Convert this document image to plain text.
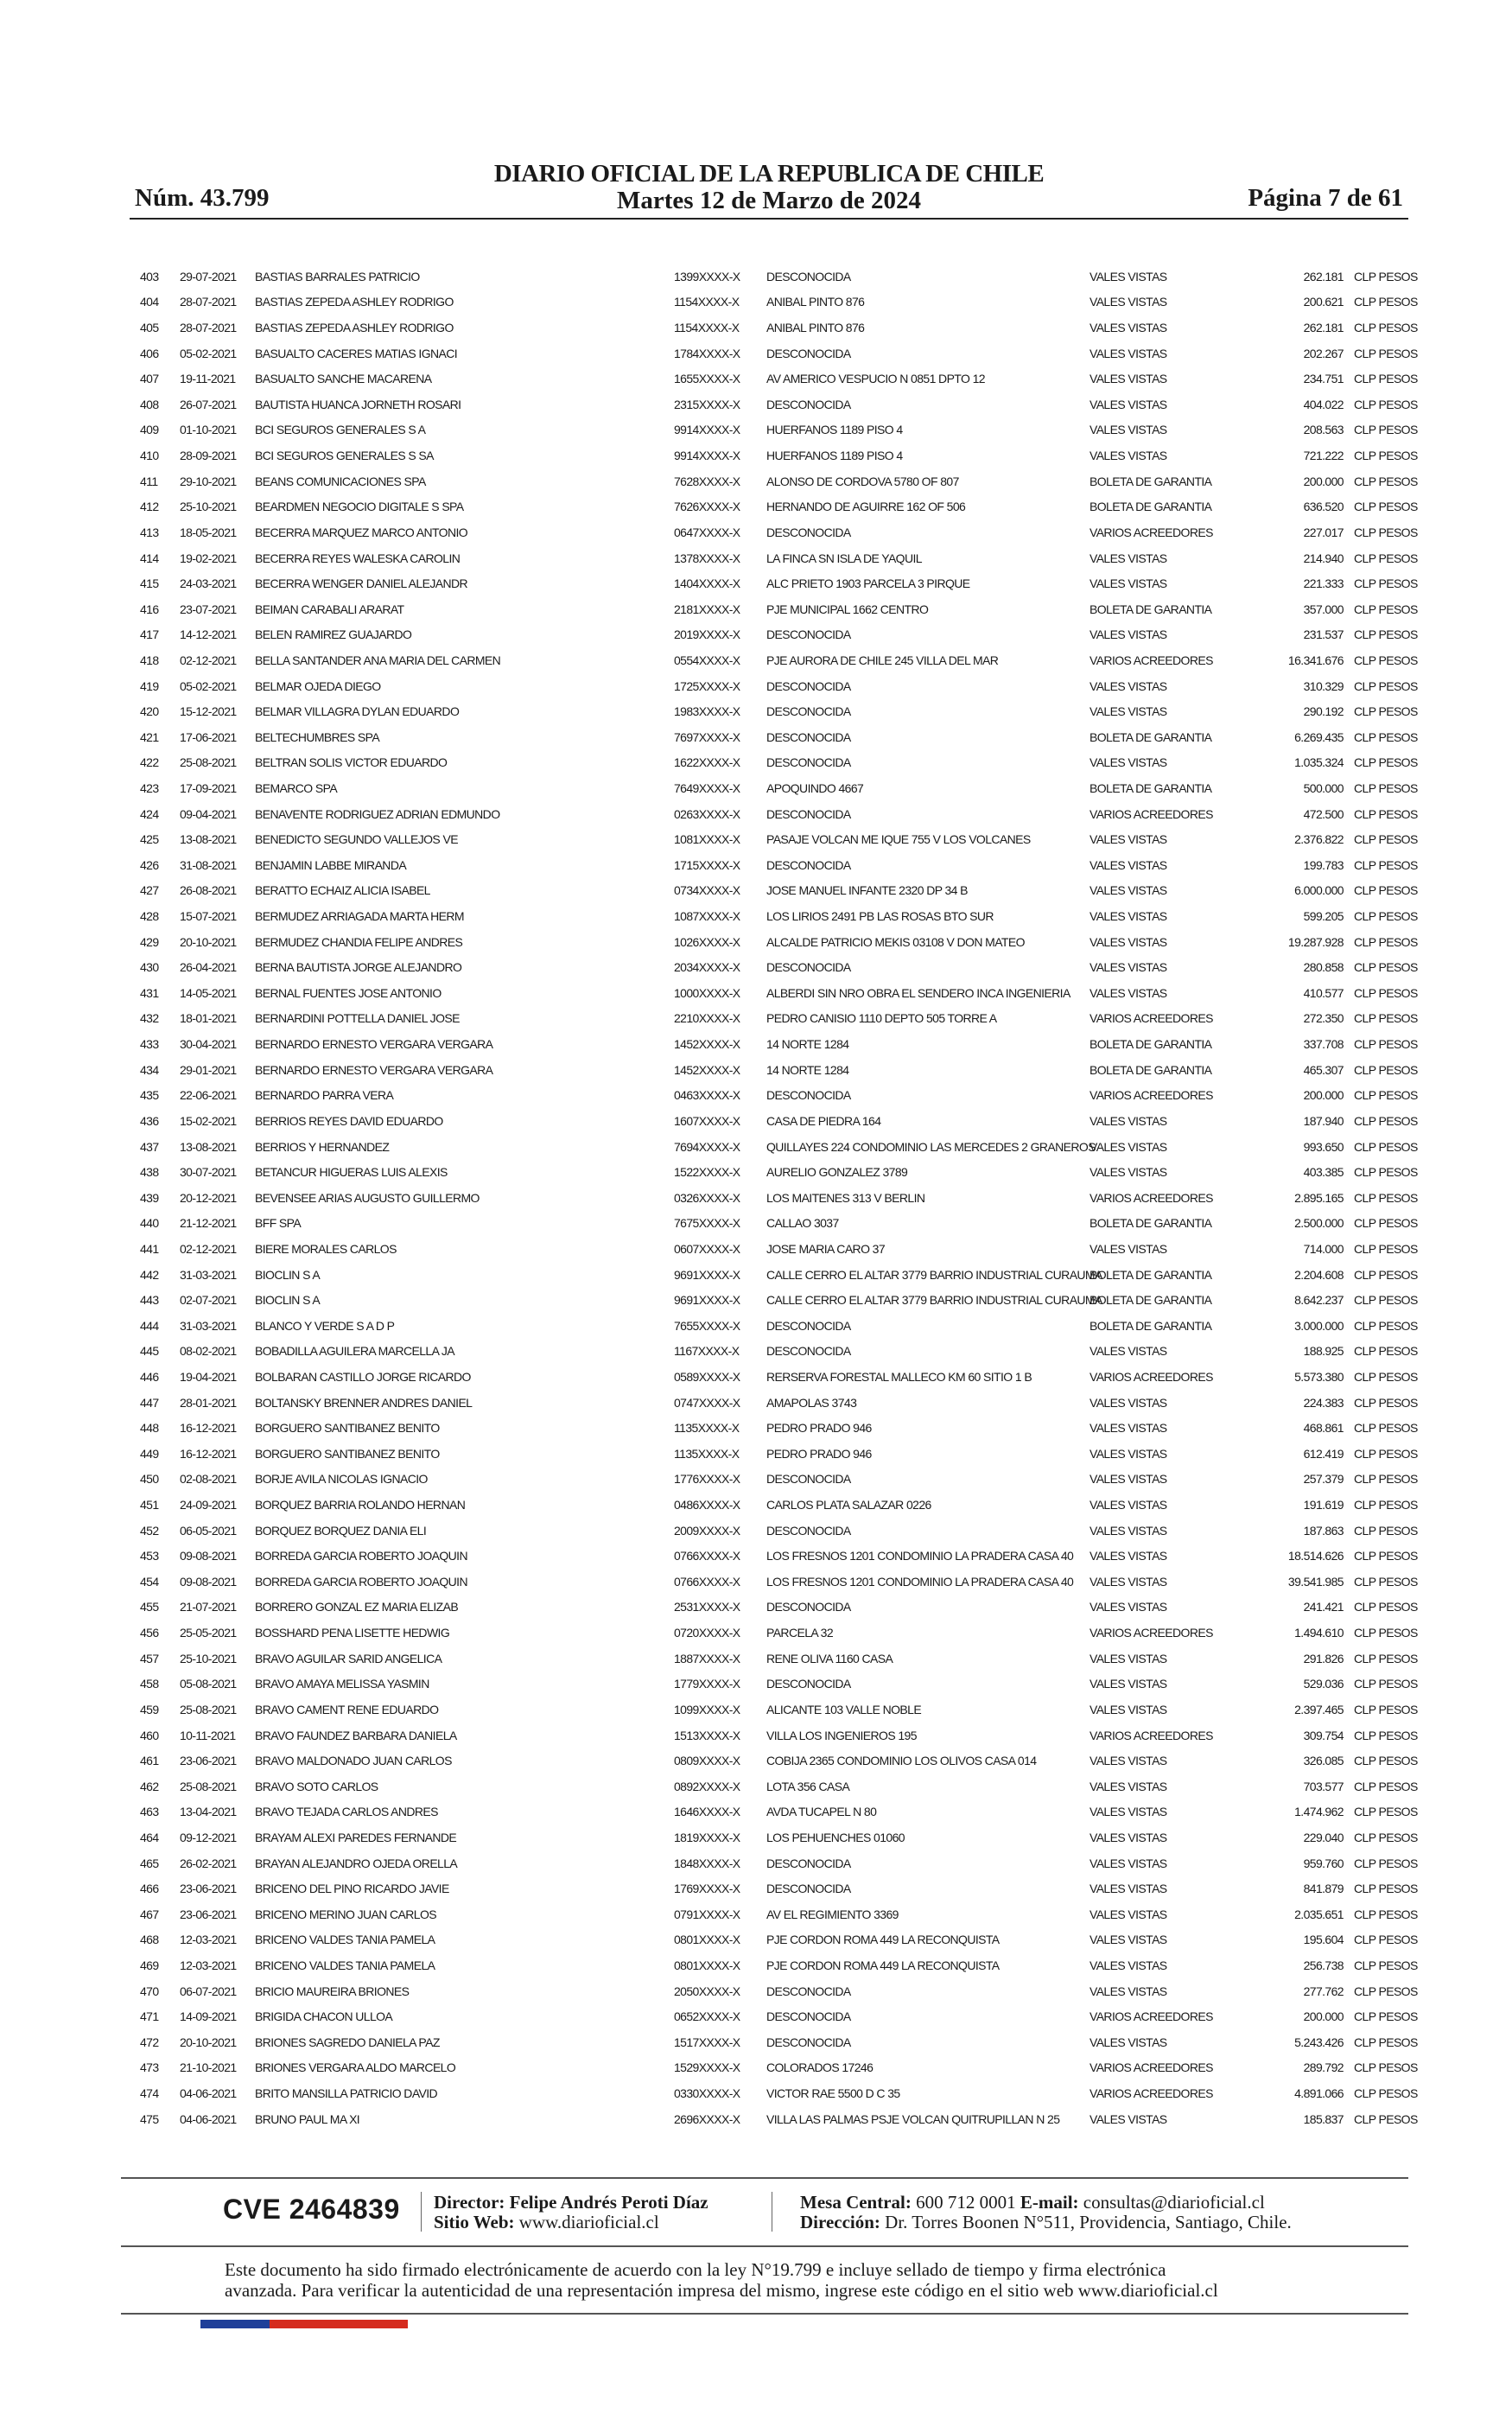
Núm. 43.799
DIARIO OFICIAL DE LA REPUBLICA DE CHILE
Martes 12 de Marzo de 2024	Página 7 de 61
403	29-07-2021	BASTIAS BARRALES PATRICIO	1399XXXX-X	DESCONOCIDA	VALES VISTAS	262.181	CLP PESOS
404	28-07-2021	BASTIAS ZEPEDA ASHLEY RODRIGO	1154XXXX-X	ANIBAL PINTO 876	VALES VISTAS	200.621	CLP PESOS
405	28-07-2021	BASTIAS ZEPEDA ASHLEY RODRIGO	1154XXXX-X	ANIBAL PINTO 876	VALES VISTAS	262.181	CLP PESOS
406	05-02-2021	BASUALTO CACERES MATIAS IGNACI	1784XXXX-X	DESCONOCIDA	VALES VISTAS	202.267	CLP PESOS
407	19-11-2021	BASUALTO SANCHE MACARENA	1655XXXX-X	AV AMERICO VESPUCIO N 0851 DPTO 12	VALES VISTAS	234.751	CLP PESOS
408	26-07-2021	BAUTISTA HUANCA JORNETH ROSARI	2315XXXX-X	DESCONOCIDA	VALES VISTAS	404.022	CLP PESOS
409	01-10-2021	BCI SEGUROS GENERALES S A	9914XXXX-X	HUERFANOS 1189 PISO 4	VALES VISTAS	208.563	CLP PESOS
410	28-09-2021	BCI SEGUROS GENERALES S SA	9914XXXX-X	HUERFANOS 1189 PISO 4	VALES VISTAS	721.222	CLP PESOS
411	29-10-2021	BEANS COMUNICACIONES SPA	7628XXXX-X	ALONSO DE CORDOVA 5780 OF 807	BOLETA DE GARANTIA	200.000	CLP PESOS
412	25-10-2021	BEARDMEN NEGOCIO DIGITALE S SPA	7626XXXX-X	HERNANDO DE AGUIRRE 162 OF 506	BOLETA DE GARANTIA	636.520	CLP PESOS
413	18-05-2021	BECERRA MARQUEZ MARCO ANTONIO	0647XXXX-X	DESCONOCIDA	VARIOS ACREEDORES	227.017	CLP PESOS
414	19-02-2021	BECERRA REYES WALESKA CAROLIN	1378XXXX-X	LA FINCA SN ISLA DE YAQUIL	VALES VISTAS	214.940	CLP PESOS
415	24-03-2021	BECERRA WENGER DANIEL ALEJANDR	1404XXXX-X	ALC PRIETO 1903 PARCELA 3 PIRQUE	VALES VISTAS	221.333	CLP PESOS
416	23-07-2021	BEIMAN CARABALI ARARAT	2181XXXX-X	PJE MUNICIPAL 1662 CENTRO	BOLETA DE GARANTIA	357.000	CLP PESOS
417	14-12-2021	BELEN RAMIREZ GUAJARDO	2019XXXX-X	DESCONOCIDA	VALES VISTAS	231.537	CLP PESOS
418	02-12-2021	BELLA SANTANDER ANA MARIA DEL CARMEN	0554XXXX-X	PJE AURORA DE CHILE 245 VILLA DEL MAR	VARIOS ACREEDORES	16.341.676	CLP PESOS
419	05-02-2021	BELMAR OJEDA DIEGO	1725XXXX-X	DESCONOCIDA	VALES VISTAS	310.329	CLP PESOS
420	15-12-2021	BELMAR VILLAGRA DYLAN EDUARDO	1983XXXX-X	DESCONOCIDA	VALES VISTAS	290.192	CLP PESOS
421	17-06-2021	BELTECHUMBRES SPA	7697XXXX-X	DESCONOCIDA	BOLETA DE GARANTIA	6.269.435	CLP PESOS
422	25-08-2021	BELTRAN SOLIS VICTOR EDUARDO	1622XXXX-X	DESCONOCIDA	VALES VISTAS	1.035.324	CLP PESOS
423	17-09-2021	BEMARCO SPA	7649XXXX-X	APOQUINDO 4667	BOLETA DE GARANTIA	500.000	CLP PESOS
424	09-04-2021	BENAVENTE RODRIGUEZ ADRIAN EDMUNDO	0263XXXX-X	DESCONOCIDA	VARIOS ACREEDORES	472.500	CLP PESOS
425	13-08-2021	BENEDICTO SEGUNDO VALLEJOS VE	1081XXXX-X	PASAJE VOLCAN ME IQUE 755 V LOS VOLCANES	VALES VISTAS	2.376.822	CLP PESOS
426	31-08-2021	BENJAMIN LABBE MIRANDA	1715XXXX-X	DESCONOCIDA	VALES VISTAS	199.783	CLP PESOS
427	26-08-2021	BERATTO ECHAIZ ALICIA ISABEL	0734XXXX-X	JOSE MANUEL INFANTE 2320 DP 34 B	VALES VISTAS	6.000.000	CLP PESOS
428	15-07-2021	BERMUDEZ ARRIAGADA MARTA HERM	1087XXXX-X	LOS LIRIOS 2491 PB LAS ROSAS BTO SUR	VALES VISTAS	599.205	CLP PESOS
429	20-10-2021	BERMUDEZ CHANDIA FELIPE ANDRES	1026XXXX-X	ALCALDE PATRICIO MEKIS 03108 V DON MATEO	VALES VISTAS	19.287.928	CLP PESOS
430	26-04-2021	BERNA BAUTISTA JORGE ALEJANDRO	2034XXXX-X	DESCONOCIDA	VALES VISTAS	280.858	CLP PESOS
431	14-05-2021	BERNAL FUENTES JOSE ANTONIO	1000XXXX-X	ALBERDI SIN NRO OBRA EL SENDERO INCA INGENIERIA	VALES VISTAS	410.577	CLP PESOS
432	18-01-2021	BERNARDINI POTTELLA DANIEL JOSE	2210XXXX-X	PEDRO CANISIO 1110 DEPTO 505 TORRE A	VARIOS ACREEDORES	272.350	CLP PESOS
433	30-04-2021	BERNARDO ERNESTO VERGARA VERGARA	1452XXXX-X	14 NORTE 1284	BOLETA DE GARANTIA	337.708	CLP PESOS
434	29-01-2021	BERNARDO ERNESTO VERGARA VERGARA	1452XXXX-X	14 NORTE 1284	BOLETA DE GARANTIA	465.307	CLP PESOS
435	22-06-2021	BERNARDO PARRA VERA	0463XXXX-X	DESCONOCIDA	VARIOS ACREEDORES	200.000	CLP PESOS
436	15-02-2021	BERRIOS REYES DAVID EDUARDO	1607XXXX-X	CASA DE PIEDRA 164	VALES VISTAS	187.940	CLP PESOS
437	13-08-2021	BERRIOS Y HERNANDEZ	7694XXXX-X	QUILLAYES 224 CONDOMINIO LAS MERCEDES 2 GRANEROS	VALES VISTAS	993.650	CLP PESOS
438	30-07-2021	BETANCUR HIGUERAS LUIS ALEXIS	1522XXXX-X	AURELIO GONZALEZ 3789	VALES VISTAS	403.385	CLP PESOS
439	20-12-2021	BEVENSEE ARIAS AUGUSTO GUILLERMO	0326XXXX-X	LOS MAITENES 313 V BERLIN	VARIOS ACREEDORES	2.895.165	CLP PESOS
440	21-12-2021	BFF SPA	7675XXXX-X	CALLAO 3037	BOLETA DE GARANTIA	2.500.000	CLP PESOS
441	02-12-2021	BIERE MORALES CARLOS	0607XXXX-X	JOSE MARIA CARO 37	VALES VISTAS	714.000	CLP PESOS
442	31-03-2021	BIOCLIN S A	9691XXXX-X	CALLE CERRO EL ALTAR 3779 BARRIO INDUSTRIAL CURAUMA	BOLETA DE GARANTIA	2.204.608	CLP PESOS
443	02-07-2021	BIOCLIN S A	9691XXXX-X	CALLE CERRO EL ALTAR 3779 BARRIO INDUSTRIAL CURAUMA	BOLETA DE GARANTIA	8.642.237	CLP PESOS
444	31-03-2021	BLANCO Y VERDE S A D P	7655XXXX-X	DESCONOCIDA	BOLETA DE GARANTIA	3.000.000	CLP PESOS
445	08-02-2021	BOBADILLA AGUILERA MARCELLA JA	1167XXXX-X	DESCONOCIDA	VALES VISTAS	188.925	CLP PESOS
446	19-04-2021	BOLBARAN CASTILLO JORGE RICARDO	0589XXXX-X	RERSERVA FORESTAL MALLECO KM 60 SITIO 1 B	VARIOS ACREEDORES	5.573.380	CLP PESOS
447	28-01-2021	BOLTANSKY BRENNER ANDRES DANIEL	0747XXXX-X	AMAPOLAS 3743	VALES VISTAS	224.383	CLP PESOS
448	16-12-2021	BORGUERO SANTIBANEZ BENITO	1135XXXX-X	PEDRO PRADO 946	VALES VISTAS	468.861	CLP PESOS
449	16-12-2021	BORGUERO SANTIBANEZ BENITO	1135XXXX-X	PEDRO PRADO 946	VALES VISTAS	612.419	CLP PESOS
450	02-08-2021	BORJE AVILA NICOLAS IGNACIO	1776XXXX-X	DESCONOCIDA	VALES VISTAS	257.379	CLP PESOS
451	24-09-2021	BORQUEZ BARRIA ROLANDO HERNAN	0486XXXX-X	CARLOS PLATA SALAZAR 0226	VALES VISTAS	191.619	CLP PESOS
452	06-05-2021	BORQUEZ BORQUEZ DANIA ELI	2009XXXX-X	DESCONOCIDA	VALES VISTAS	187.863	CLP PESOS
453	09-08-2021	BORREDA GARCIA ROBERTO JOAQUIN	0766XXXX-X	LOS FRESNOS 1201 CONDOMINIO LA PRADERA CASA 40	VALES VISTAS	18.514.626	CLP PESOS
454	09-08-2021	BORREDA GARCIA ROBERTO JOAQUIN	0766XXXX-X	LOS FRESNOS 1201 CONDOMINIO LA PRADERA CASA 40	VALES VISTAS	39.541.985	CLP PESOS
455	21-07-2021	BORRERO GONZAL EZ MARIA ELIZAB	2531XXXX-X	DESCONOCIDA	VALES VISTAS	241.421	CLP PESOS
456	25-05-2021	BOSSHARD PENA LISETTE HEDWIG	0720XXXX-X	PARCELA 32	VARIOS ACREEDORES	1.494.610	CLP PESOS
457	25-10-2021	BRAVO AGUILAR SARID ANGELICA	1887XXXX-X	RENE OLIVA 1160 CASA	VALES VISTAS	291.826	CLP PESOS
458	05-08-2021	BRAVO AMAYA MELISSA YASMIN	1779XXXX-X	DESCONOCIDA	VALES VISTAS	529.036	CLP PESOS
459	25-08-2021	BRAVO CAMENT RENE EDUARDO	1099XXXX-X	ALICANTE 103 VALLE NOBLE	VALES VISTAS	2.397.465	CLP PESOS
460	10-11-2021	BRAVO FAUNDEZ BARBARA DANIELA	1513XXXX-X	VILLA LOS INGENIEROS 195	VARIOS ACREEDORES	309.754	CLP PESOS
461	23-06-2021	BRAVO MALDONADO JUAN CARLOS	0809XXXX-X	COBIJA 2365 CONDOMINIO LOS OLIVOS CASA 014	VALES VISTAS	326.085	CLP PESOS
462	25-08-2021	BRAVO SOTO CARLOS	0892XXXX-X	LOTA 356 CASA	VALES VISTAS	703.577	CLP PESOS
463	13-04-2021	BRAVO TEJADA CARLOS ANDRES	1646XXXX-X	AVDA TUCAPEL N 80	VALES VISTAS	1.474.962	CLP PESOS
464	09-12-2021	BRAYAM ALEXI PAREDES FERNANDE	1819XXXX-X	LOS PEHUENCHES 01060	VALES VISTAS	229.040	CLP PESOS
465	26-02-2021	BRAYAN ALEJANDRO OJEDA ORELLA	1848XXXX-X	DESCONOCIDA	VALES VISTAS	959.760	CLP PESOS
466	23-06-2021	BRICENO DEL PINO RICARDO JAVIE	1769XXXX-X	DESCONOCIDA	VALES VISTAS	841.879	CLP PESOS
467	23-06-2021	BRICENO MERINO JUAN CARLOS	0791XXXX-X	AV EL REGIMIENTO 3369	VALES VISTAS	2.035.651	CLP PESOS
468	12-03-2021	BRICENO VALDES TANIA PAMELA	0801XXXX-X	PJE CORDON ROMA 449 LA RECONQUISTA	VALES VISTAS	195.604	CLP PESOS
469	12-03-2021	BRICENO VALDES TANIA PAMELA	0801XXXX-X	PJE CORDON ROMA 449 LA RECONQUISTA	VALES VISTAS	256.738	CLP PESOS
470	06-07-2021	BRICIO MAUREIRA BRIONES	2050XXXX-X	DESCONOCIDA	VALES VISTAS	277.762	CLP PESOS
471	14-09-2021	BRIGIDA CHACON ULLOA	0652XXXX-X	DESCONOCIDA	VARIOS ACREEDORES	200.000	CLP PESOS
472	20-10-2021	BRIONES SAGREDO DANIELA PAZ	1517XXXX-X	DESCONOCIDA	VALES VISTAS	5.243.426	CLP PESOS
473	21-10-2021	BRIONES VERGARA ALDO MARCELO	1529XXXX-X	COLORADOS 17246	VARIOS ACREEDORES	289.792	CLP PESOS
474	04-06-2021	BRITO MANSILLA PATRICIO DAVID	0330XXXX-X	VICTOR RAE 5500 D C 35	VARIOS ACREEDORES	4.891.066	CLP PESOS
475	04-06-2021	BRUNO PAUL MA XI	2696XXXX-X	VILLA LAS PALMAS PSJE VOLCAN QUITRUPILLAN N 25	VALES VISTAS	185.837	CLP PESOS
CVE 2464839 Director: Felipe Andrés Peroti Díaz
Sitio Web: www.diarioficial.cl
Mesa Central: 600 712 0001 E-mail: consultas@diarioficial.cl
Dirección: Dr. Torres Boonen N°511, Providencia, Santiago, Chile.
Este documento ha sido firmado electrónicamente de acuerdo con la ley N°19.799 e incluye sellado de tiempo y firma electrónica
avanzada. Para verificar la autenticidad de una representación impresa del mismo, ingrese este código en el sitio web www.diarioficial.cl
